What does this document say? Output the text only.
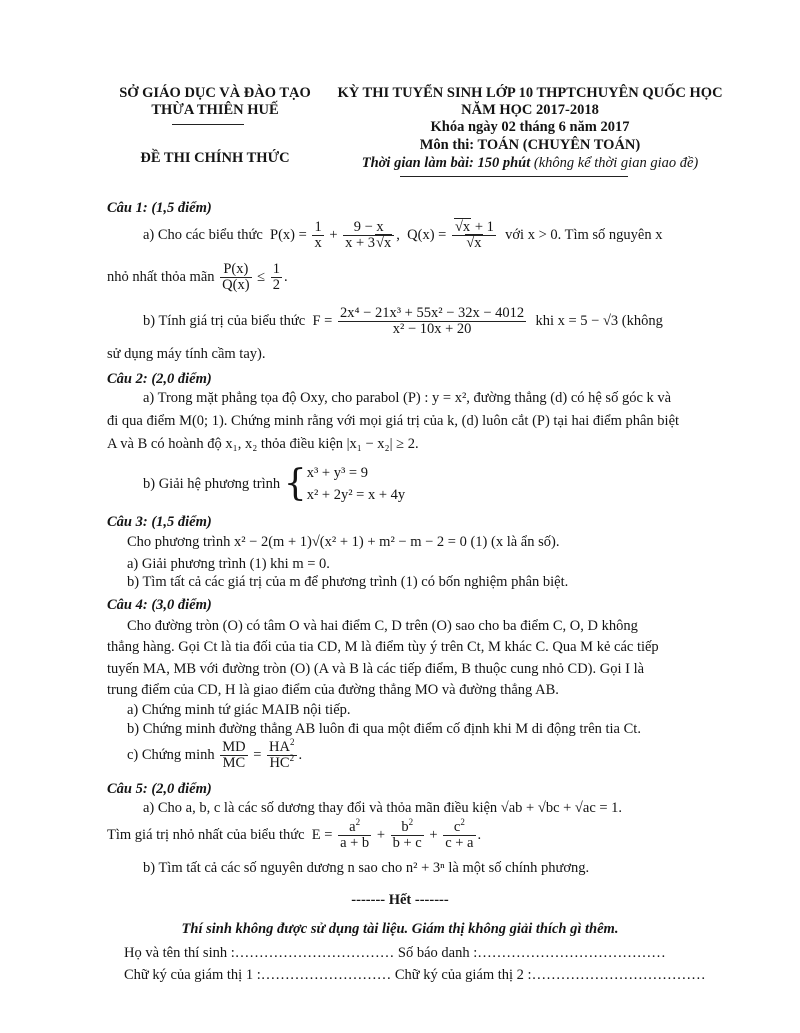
SỞ GIÁO DỤC VÀ ĐÀO TẠO
THỪA THIÊN HUẾ
ĐỀ THI CHÍNH THỨC
KỲ THI TUYỂN SINH LỚP 10 THPTCHUYÊN QUỐC HỌC
NĂM HỌC 2017-2018
Khóa ngày 02 tháng 6 năm 2017
Môn thi: TOÁN (CHUYÊN TOÁN)
Thời gian làm bài: 150 phút (không kể thời gian giao đề)
Câu 1: (1,5 điểm)
a) Cho các biểu thức  $P(x) = \frac{1}{x} + \frac{9 - x}{x + 3√x}$ ,  $Q(x) = \frac{√x + 1}{√x}$ với x > 0. Tìm số nguyên x
nhỏ nhất thỏa mãn $\frac{P(x)}{Q(x)} \le \frac{1}{2}$ .
b) Tính giá trị của biểu thức  $F = \frac{\text{2x⁴ − 21x³ + 55x² − 32x − 4012}}{\text{x² − 10x + 20}}$ khi x = 5 − √3 (không
sử dụng máy tính cầm tay).
Câu 2: (2,0 điểm)
a) Trong mặt phẳng tọa độ Oxy, cho parabol (P) : y = x², đường thẳng (d) có hệ số góc k và
đi qua điểm M(0; 1). Chứng minh rằng với mọi giá trị của k, (d) luôn cắt (P) tại hai điểm phân biệt
A và B có hoành độ x₁, x₂ thỏa điều kiện |x₁ − x₂| ≥ 2.
b) Giải hệ phương trình { x³ + y³ = 9
x² + 2y² = x + 4y
Câu 3: (1,5 điểm)
Cho phương trình x² − 2(m + 1)√(x² + 1) + m² − m − 2 = 0 (1) (x là ẩn số).
a) Giải phương trình (1) khi m = 0.
b) Tìm tất cả các giá trị của m để phương trình (1) có bốn nghiệm phân biệt.
Câu 4: (3,0 điểm)
Cho đường tròn (O) có tâm O và hai điểm C, D trên (O) sao cho ba điểm C, O, D không
thẳng hàng. Gọi Ct là tia đối của tia CD, M là điểm tùy ý trên Ct, M khác C. Qua M kẻ các tiếp
tuyến MA, MB với đường tròn (O) (A và B là các tiếp điểm, B thuộc cung nhỏ CD). Gọi I là
trung điểm của CD, H là giao điểm của đường thẳng MO và đường thẳng AB.
a) Chứng minh tứ giác MAIB nội tiếp.
b) Chứng minh đường thẳng AB luôn đi qua một điểm cố định khi M di động trên tia Ct.
c) Chứng minh $\frac{MD}{MC} = \frac{HA^2}{HC^2}$ .
Câu 5: (2,0 điểm)
a) Cho a, b, c là các số dương thay đổi và thỏa mãn điều kiện √ab + √bc + √ac = 1.
Tìm giá trị nhỏ nhất của biểu thức  $E = \frac{a^2}{a + b} + \frac{b^2}{b + c} + \frac{c^2}{c + a}$ .
b) Tìm tất cả các số nguyên dương n sao cho n² + 3ⁿ là một số chính phương.
------- Hết -------
Thí sinh không được sử dụng tài liệu. Giám thị không giải thích gì thêm.
Họ và tên thí sinh :…………………………… Số báo danh :…………………………………
Chữ ký của giám thị 1 :……………………… Chữ ký của giám thị 2 :………………………………
